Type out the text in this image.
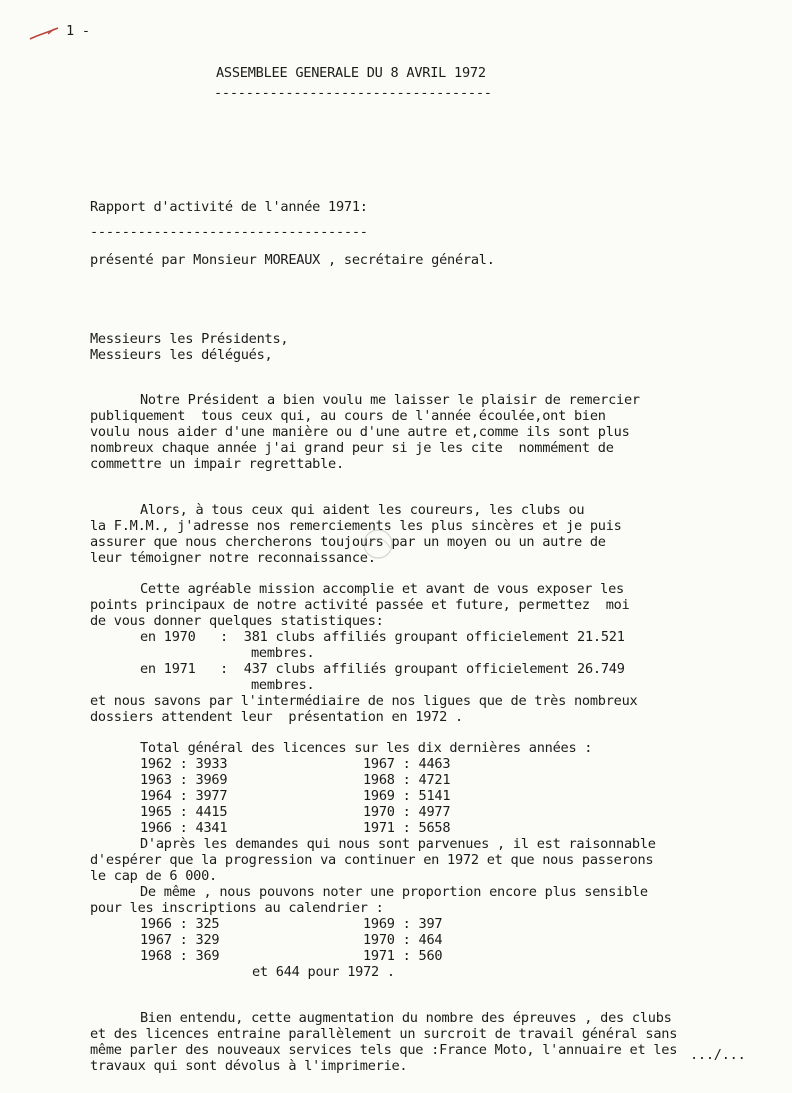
1 -
ASSEMBLEE GENERALE DU 8 AVRIL 1972
-----------------------------------
Rapport d'activité de l'année 1971:
-----------------------------------
présenté par Monsieur MOREAUX , secrétaire général.
Messieurs les Présidents,
Messieurs les délégués,
Notre Président a bien voulu me laisser le plaisir de remercier
publiquement  tous ceux qui, au cours de l'année écoulée,ont bien
voulu nous aider d'une manière ou d'une autre et,comme ils sont plus
nombreux chaque année j'ai grand peur si je les cite  nommément de
commettre un impair regrettable.
Alors, à tous ceux qui aident les coureurs, les clubs ou
la F.M.M., j'adresse nos remerciements les plus sincères et je puis
assurer que nous chercherons toujours par un moyen ou un autre de
leur témoigner notre reconnaissance.
Cette agréable mission accomplie et avant de vous exposer les
points principaux de notre activité passée et future, permettez  moi
de vous donner quelques statistiques:
en 1970 :  381 clubs affiliés groupant officielement 21.521
membres.
en 1971 :  437 clubs affiliés groupant officielement 26.749
membres.
et nous savons par l'intermédiaire de nos ligues que de très nombreux
dossiers attendent leur  présentation en 1972 .
Total général des licences sur les dix dernières années :
1962 : 3933	1967 : 4463
1963 : 3969	1968 : 4721
1964 : 3977	1969 : 5141
1965 : 4415	1970 : 4977
1966 : 4341	1971 : 5658
D'après les demandes qui nous sont parvenues , il est raisonnable
d'espérer que la progression va continuer en 1972 et que nous passerons
le cap de 6 000.
De même , nous pouvons noter une proportion encore plus sensible
pour les inscriptions au calendrier :
1966 : 325	1969 : 397
1967 : 329	1970 : 464
1968 : 369	1971 : 560
et 644 pour 1972 .
Bien entendu, cette augmentation du nombre des épreuves , des clubs
et des licences entraine parallèlement un surcroit de travail général sans
même parler des nouveaux services tels que :France Moto, l'annuaire et les
travaux qui sont dévolus à l'imprimerie.
.../...
